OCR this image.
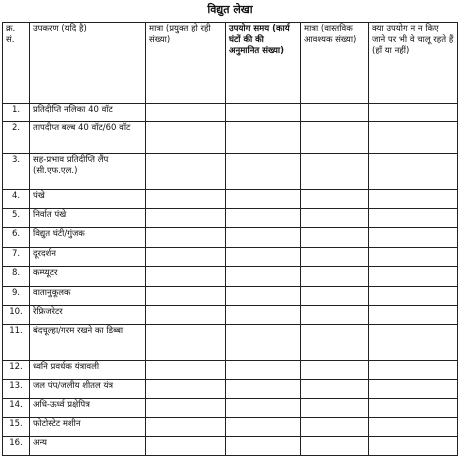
विद्युत लेखा
क्र. सं.	उपकरण (यदि है)	मात्रा (प्रयुक्त हो रही संख्या)	उपयोग समय (कार्य घंटों की की अनुमानित संख्या)	मात्रा (वास्तविक आवश्यक संख्या)	क्या उपयोग न न किए जाने पर भी वे चालू रहते हैं (हाँ या नहीं)
1.	प्रतिदीप्ति नलिका 40 वॉट				
2.	तापदीप्त बल्ब 40 वॉट/60 वॉट				
3.	सह-प्रभाव प्रतिदीप्ति लैंप (सी.एफ.एल.)				
4.	पंखे				
5.	निर्वात पंखे				
6.	विद्युत घंटी/गुंजक				
7.	दूरदर्शन				
8.	कम्प्यूटर				
9.	वातानुकूलक				
10.	रेफ्रिजरेटर				
11.	बंदचूल्हा/गरम रखने का डिब्बा				
12.	ध्वनि प्रवर्धक यंत्रावली				
13.	जल पंप/जलीय शीतल यंत्र				
14.	अधि-ऊर्ध्व प्रक्षेपित्र				
15.	फोटोस्टेट मशीन				
16.	अन्य				
